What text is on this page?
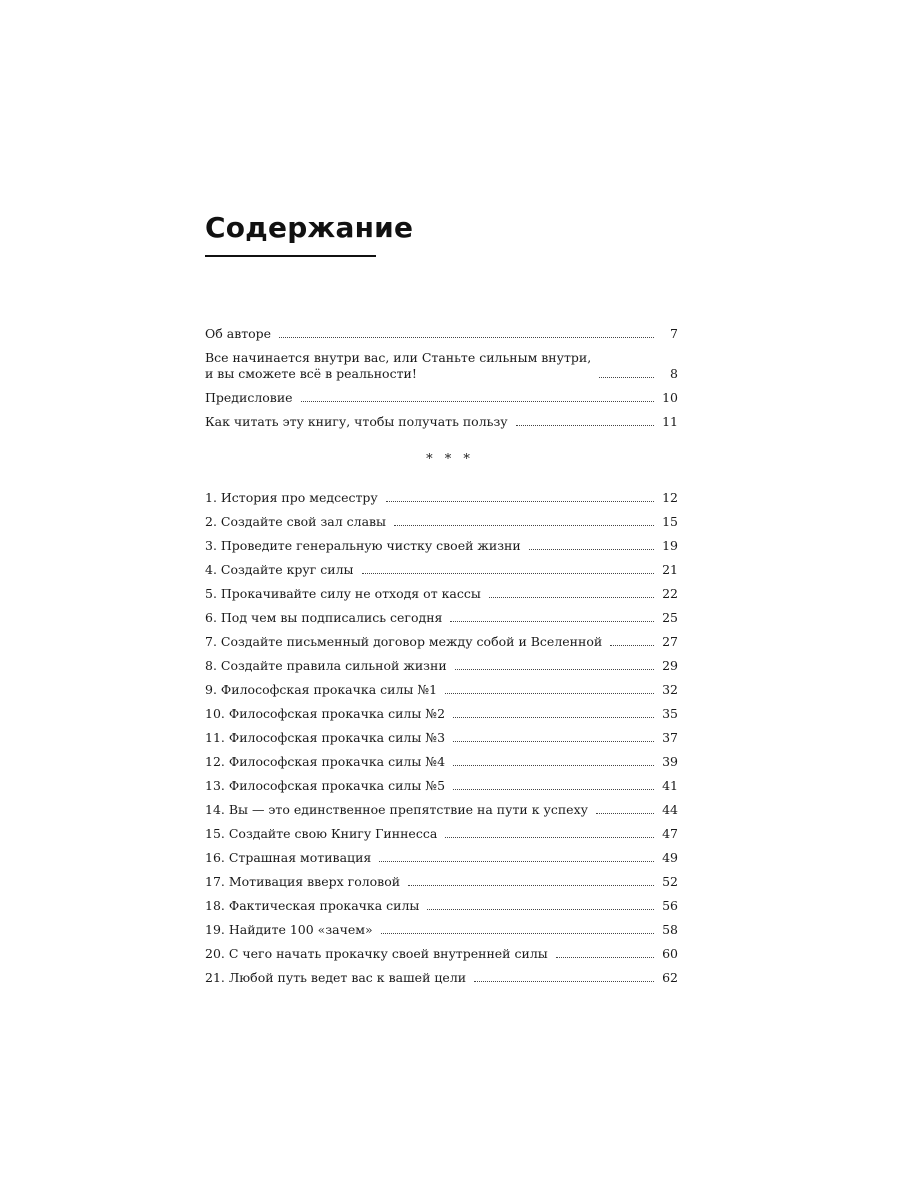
Содержание
Об авторе	7
Все начинается внутри вас, или Станьте сильным внутри,
и вы сможете всё в реальности!	8
Предисловие	10
Как читать эту книгу, чтобы получать пользу	11
* * *
1. История про медсестру	12
2. Создайте свой зал славы	15
3. Проведите генеральную чистку своей жизни	19
4. Создайте круг силы	21
5. Прокачивайте силу не отходя от кассы	22
6. Под чем вы подписались сегодня	25
7. Создайте письменный договор между собой и Вселенной	27
8. Создайте правила сильной жизни	29
9. Философская прокачка силы №1	32
10. Философская прокачка силы №2	35
11. Философская прокачка силы №3	37
12. Философская прокачка силы №4	39
13. Философская прокачка силы №5	41
14. Вы — это единственное препятствие на пути к успеху	44
15. Создайте свою Книгу Гиннесса	47
16. Страшная мотивация	49
17. Мотивация вверх головой	52
18. Фактическая прокачка силы	56
19. Найдите 100 «зачем»	58
20. С чего начать прокачку своей внутренней силы	60
21. Любой путь ведет вас к вашей цели	62
